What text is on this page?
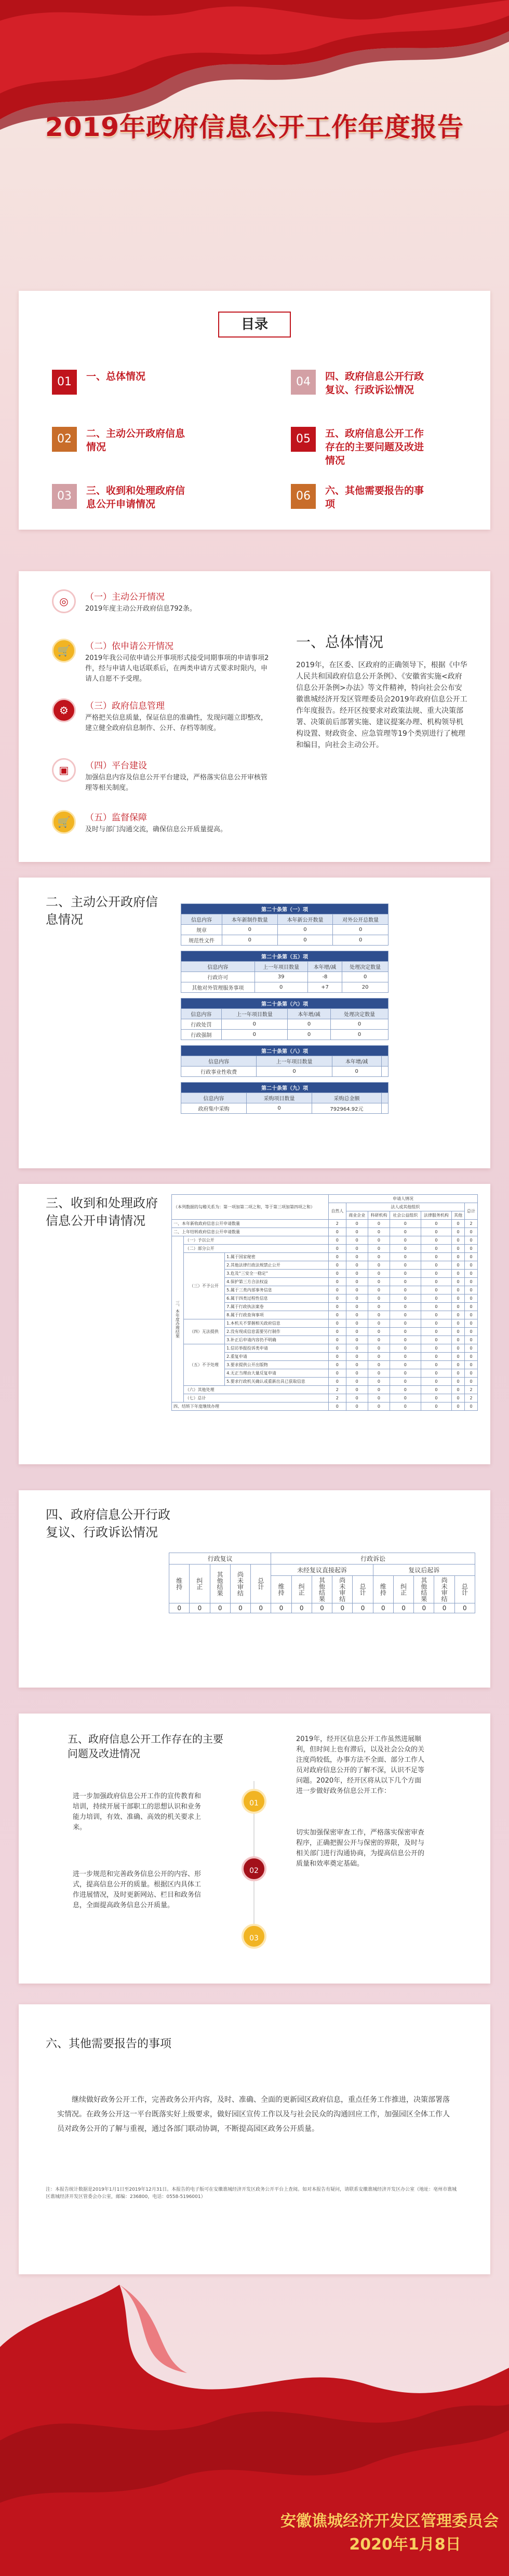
2019年政府信息公开工作年度报告
目录
01	一、总体情况
02	二、主动公开政府信息情况
03	三、收到和处理政府信息公开申请情况
04	四、政府信息公开行政复议、行政诉讼情况
05	五、政府信息公开工作存在的主要问题及改进情况
06	六、其他需要报告的事项
◎	（一）主动公开情况
2019年度主动公开政府信息792条。
🛒	（二）依申请公开情况
2019年我公司依申请公开事项形式接受同期事项的申请事项2件，经与申请人电话联系后，在两类申请方式要求时限内，申请人自愿不予受理。
⚙	（三）政府信息管理
严格把关信息质量，保证信息的准确性，发现问题立即整改，建立健全政府信息制作、公开、存档等制度。
▣	（四）平台建设
加强信息内容及信息公开平台建设，严格落实信息公开审核管理等相关制度。
🛒	（五）监督保障
及时与部门沟通交流，确保信息公开质量提高。
一、总体情况
2019年，在区委、区政府的正确领导下，根据《中华人民共和国政府信息公开条例》、《安徽省实施<政府信息公开条例>办法》等文件精神，特向社会公布安徽谯城经济开发区管理委员会2019年政府信息公开工作年度报告。经开区按要求对政策法规、重大决策部署、决策前后部署实施、建议提案办理、机构领导机构设置、财政资金、应急管理等19个类别进行了梳理和编目，向社会主动公开。
二、主动公开政府信息情况
第二十条第（一）项			
信息内容	本年新制作数量	本年新公开数量	对外公开总数量
规章	0	0	0
规范性文件	0	0	0
第二十条第（五）项			
信息内容	上一年项目数量	本年增/减	处理决定数量
行政许可	39	-8	0
其他对外管理服务事项	0	+7	20
第二十条第（六）项			
信息内容	上一年项目数量	本年增/减	处理决定数量
行政处罚	0	0	0
行政强制	0	0	0
第二十条第（八）项			
信息内容	上一年项目数量	本年增/减	
行政事业性收费	0	0	
第二十条第（九）项			
信息内容	采购项目数量	采购总金额	
政府集中采购	0	792964.92元	
三、收到和处理政府信息公开申请情况
（本列数据的勾稽关系为：第一项加第二项之和，等于第三项加第四项之和）			申请人情况						
			自然人	法人或其他组织					总计
				商业企业	科研机构	社会公益组织	法律服务机构	其他	
一、本年新收政府信息公开申请数量			2	0	0	0	0	0	2
二、上年结转政府信息公开申请数量			0	0	0	0	0	0	0
三、本年度办理结果	（一）予以公开		0	0	0	0	0	0	0
	（二）部分公开		0	0	0	0	0	0	0
	（三）不予公开	1.属于国家秘密	0	0	0	0	0	0	0
		2.其他法律行政法规禁止公开	0	0	0	0	0	0	0
		3.危及“三安全一稳定”	0	0	0	0	0	0	0
		4.保护第三方合法权益	0	0	0	0	0	0	0
		5.属于三类内部事务信息	0	0	0	0	0	0	0
		6.属于四类过程性信息	0	0	0	0	0	0	0
		7.属于行政执法案卷	0	0	0	0	0	0	0
		8.属于行政查询事项	0	0	0	0	0	0	0
	（四）无法提供	1.本机关不掌握相关政府信息	0	0	0	0	0	0	0
		2.没有现成信息需要另行制作	0	0	0	0	0	0	0
		3.补正后申请内容仍不明确	0	0	0	0	0	0	0
	（五）不予处理	1.信访举报投诉类申请	0	0	0	0	0	0	0
		2.重复申请	0	0	0	0	0	0	0
		3.要求提供公开出版物	0	0	0	0	0	0	0
		4.无正当理由大量反复申请	0	0	0	0	0	0	0
		5.要求行政机关确认或重新出具已获取信息	0	0	0	0	0	0	0
	（六）其他处理		2	0	0	0	0	0	2
	（七）总计		2	0	0	0	0	0	2
四、结转下年度继续办理			0	0	0	0	0	0	0
四、政府信息公开行政复议、行政诉讼情况
行政复议					行政诉讼									
维持	纠正	其他结果	尚未审结	总计	未经复议直接起诉					复议后起诉				
					维持	纠正	其他结果	尚未审结	总计	维持	纠正	其他结果	尚未审结	总计
0	0	0	0	0	0	0	0	0	0	0	0	0	0	0
五、政府信息公开工作存在的主要问题及改进情况
进一步加强政府信息公开工作的宣传教育和培训，持续开展干部职工的思想认识和业务能力培训，有效、准确、高效的机关要求上来。
进一步规范和完善政务信息公开的内容、形式，提高信息公开的质量。根据区内具体工作进展情况，及时更新网站、栏目和政务信息，全面提高政务信息公开质量。
2019年，经开区信息公开工作虽然进展顺利，但时间上也有滞后，以及社会公众的关注度尚较低，办事方法不全面、部分工作人员对政府信息公开的了解不深，认识不足等问题。2020年，经开区将从以下几个方面进一步做好政务信息公开工作：
切实加强保密审查工作，严格落实保密审查程序，正确把握公开与保密的界限，及时与相关部门进行沟通协商，为提高信息公开的质量和效率奠定基础。
01
02
03
六、其他需要报告的事项
继续做好政务公开工作，完善政务公开内容，及时、准确、全面的更新园区政府信息，重点任务工作推进，决策部署落实情况。在政务公开这一平台既落实好上级要求，做好园区宣传工作以及与社会民众的沟通回应工作，加强园区全体工作人员对政务公开的了解与重视，通过各部门联动协调，不断提高园区政务公开质量。
注：本报告统计数据是2019年1月1日至2019年12月31日。本报告的电子版可在安徽谯城经济开发区政务公开平台上查阅。如对本报告有疑问，请联系安徽谯城经济开发区办公室（地址：亳州市谯城区谯城经济开发区管委会办公室，邮编：236800，电话：0558-5196001）
安徽谯城经济开发区管理委员会
2020年1月8日
